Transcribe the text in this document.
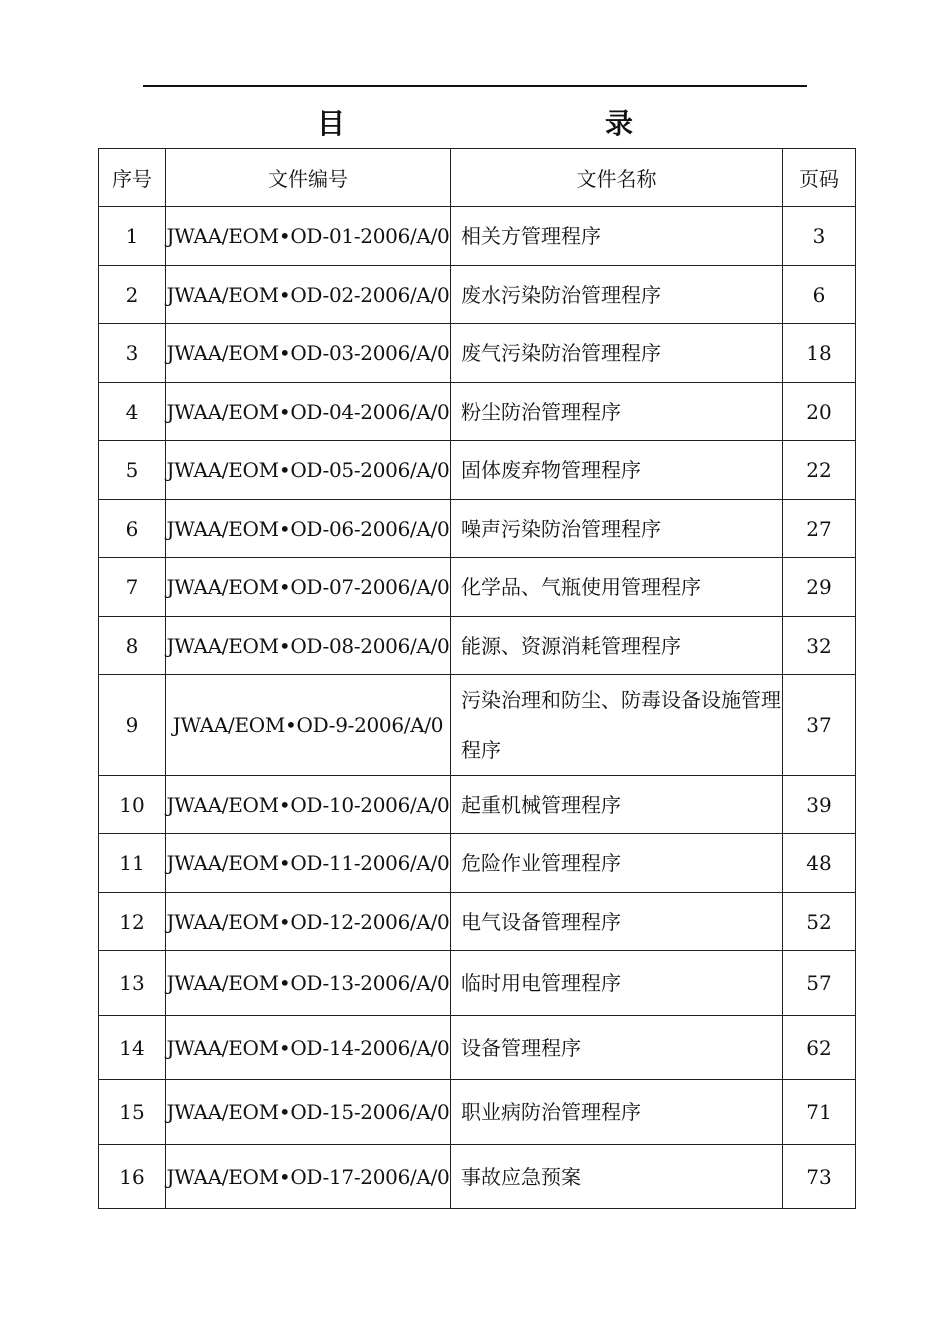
目　　录
序号	文件编号	文件名称	页码
1	JWAA/EOM•OD-01-2006/A/0	相关方管理程序	3
2	JWAA/EOM•OD-02-2006/A/0	废水污染防治管理程序	6
3	JWAA/EOM•OD-03-2006/A/0	废气污染防治管理程序	18
4	JWAA/EOM•OD-04-2006/A/0	粉尘防治管理程序	20
5	JWAA/EOM•OD-05-2006/A/0	固体废弃物管理程序	22
6	JWAA/EOM•OD-06-2006/A/0	噪声污染防治管理程序	27
7	JWAA/EOM•OD-07-2006/A/0	化学品、气瓶使用管理程序	29
8	JWAA/EOM•OD-08-2006/A/0	能源、资源消耗管理程序	32
9	JWAA/EOM•OD-9-2006/A/0	污染治理和防尘、防毒设备设施管理程序	37
10	JWAA/EOM•OD-10-2006/A/0	起重机械管理程序	39
11	JWAA/EOM•OD-11-2006/A/0	危险作业管理程序	48
12	JWAA/EOM•OD-12-2006/A/0	电气设备管理程序	52
13	JWAA/EOM•OD-13-2006/A/0	临时用电管理程序	57
14	JWAA/EOM•OD-14-2006/A/0	设备管理程序	62
15	JWAA/EOM•OD-15-2006/A/0	职业病防治管理程序	71
16	JWAA/EOM•OD-17-2006/A/0	事故应急预案	73
